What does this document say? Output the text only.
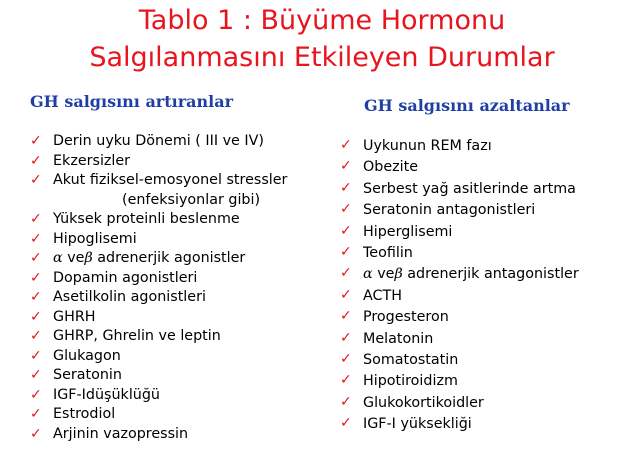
Tablo 1 : Büyüme Hormonu
Salgılanmasını Etkileyen Durumlar
GH salgısını artıranlar	GH salgısını azaltanlar
✓ Derin uyku Dönemi ( III ve IV)
✓ Ekzersizler
✓ Akut fiziksel-emosyonel stressler
(enfeksiyonlar gibi)
✓ Yüksek proteinli beslenme
✓ Hipoglisemi
✓ α veβ adrenerjik agonistler
✓ Dopamin agonistleri
✓ Asetilkolin agonistleri
✓ GHRH
✓ GHRP, Ghrelin ve leptin
✓ Glukagon
✓ Seratonin
✓ IGF-Idüşüklüğü
✓ Estrodiol
✓ Arjinin vazopressin
✓ Uykunun REM fazı
✓ Obezite
✓ Serbest yağ asitlerinde artma
✓ Seratonin antagonistleri
✓ Hiperglisemi
✓ Teofilin
✓ α veβ adrenerjik antagonistler
✓ ACTH
✓ Progesteron
✓ Melatonin
✓ Somatostatin
✓ Hipotiroidizm
✓ Glukokortikoidler
✓ IGF-I yüksekliği
